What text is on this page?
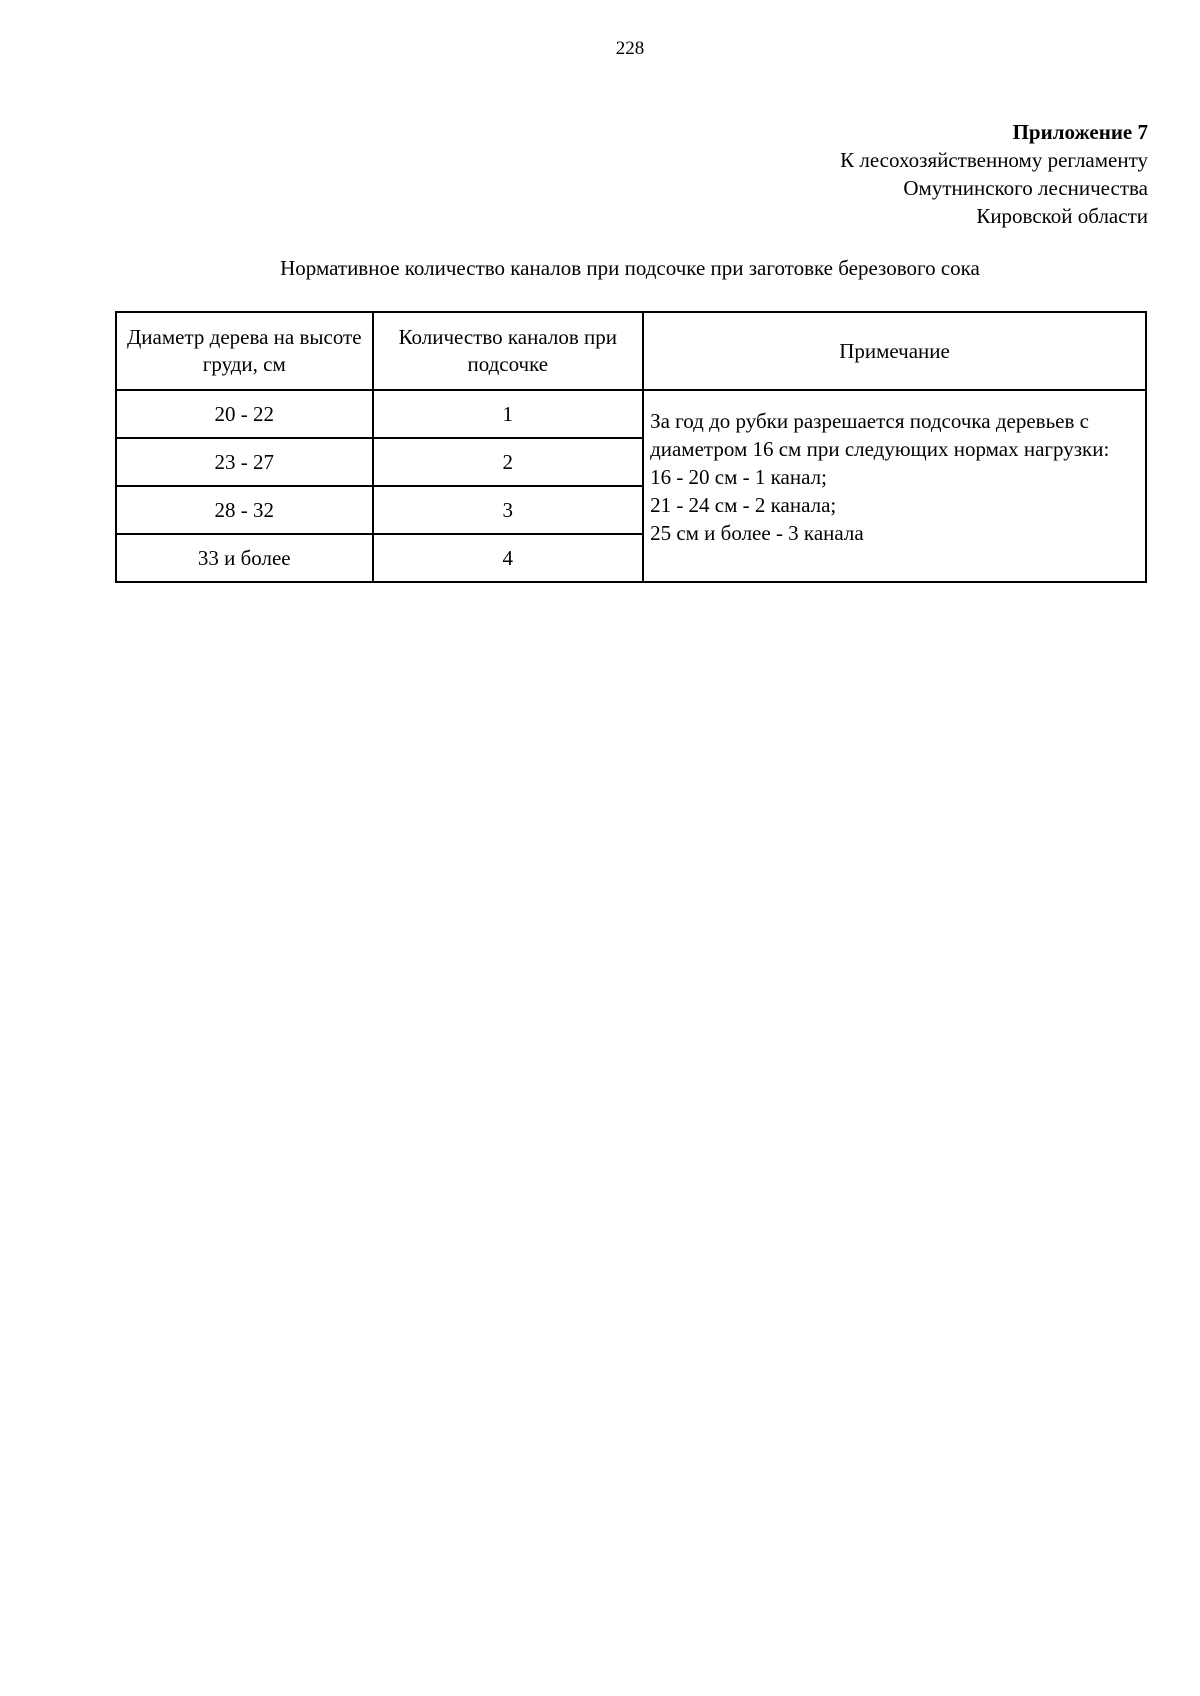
228
Приложение 7
К лесохозяйственному регламенту
Омутнинского лесничества
Кировской области
Нормативное количество каналов при подсочке при заготовке березового сока
Диаметр дерева на высоте груди, см	Количество каналов при подсочке	Примечание
20 - 22	1	За год до рубки разрешается подсочка деревьев с диаметром 16 см при следующих нормах нагрузки:
16 - 20 см - 1 канал;
21 - 24 см - 2 канала;
25 см и более - 3 канала

23 - 27	2	
28 - 32	3	
33 и более	4	
